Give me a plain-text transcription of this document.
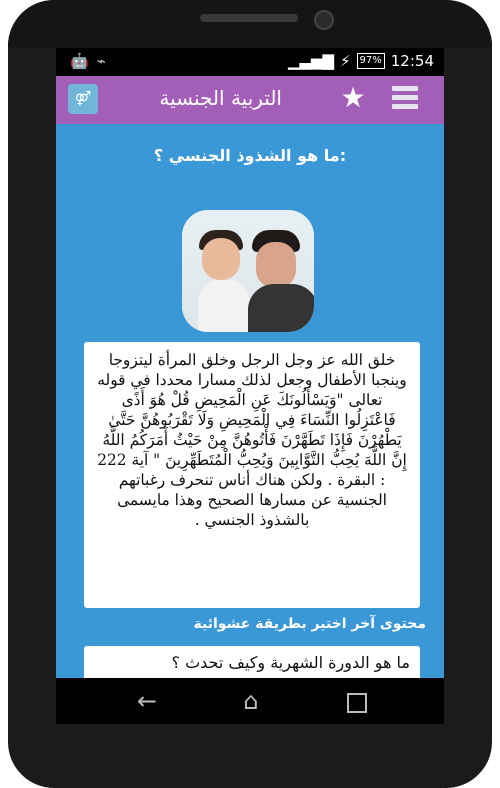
🤖 ⌁	▁▃▅▇ ⚡ 97% 12:54
⚤	التربية الجنسية ★
ما هو الشذوذ الجنسي ؟:

خلق الله عز وجل الرجل وخلق المرأة ليتزوجا وينجبا الأطفال وجعل لذلك مسارا محددا في قوله تعالى "وَيَسْأَلُونَكَ عَنِ الْمَحِيضِ قُلْ هُوَ أَذًى فَاعْتَزِلُوا النِّسَاءَ فِي الْمَحِيضِ وَلَا تَقْرَبُوهُنَّ حَتَّىٰ يَطْهُرْنَ فَإِذَا تَطَهَّرْنَ فَأْتُوهُنَّ مِنْ حَيْثُ أَمَرَكُمُ اللَّهُ إِنَّ اللَّهَ يُحِبُّ التَّوَّابِينَ وَيُحِبُّ الْمُتَطَهِّرِينَ " آية 222 : البقرة . ولكن هناك أناس تنحرف رغباتهم الجنسية عن مسارها الصحيح وهذا مايسمى بالشذوذ الجنسي .

محتوى آخر اختير بطريقة عشوائية
ما هو الدورة الشهرية وكيف تحدث ؟
←	⌂
